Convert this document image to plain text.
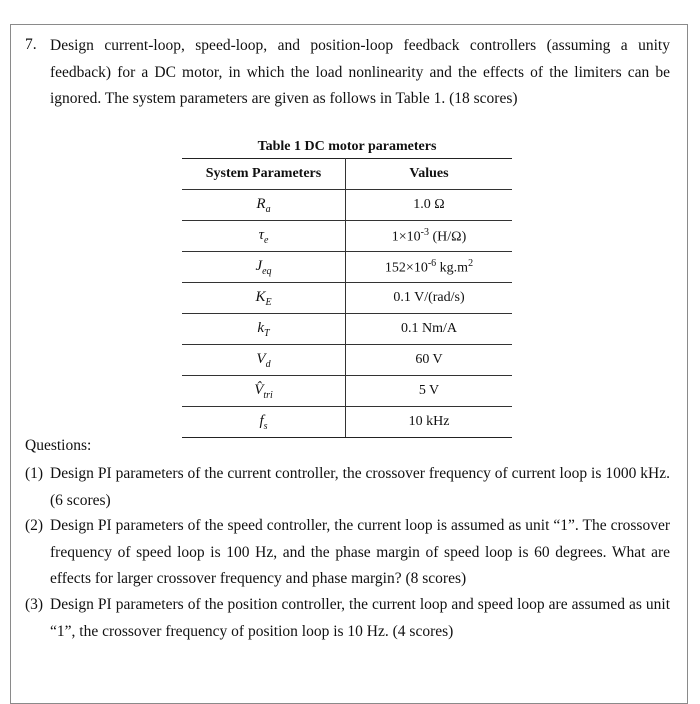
7. Design current-loop, speed-loop, and position-loop feedback controllers (assuming a unity feedback) for a DC motor, in which the load nonlinearity and the effects of the limiters can be ignored. The system parameters are given as follows in Table 1. (18 scores)

Table 1 DC motor parameters
System Parameters	Values
$R_a$	1.0 Ω
$\tau_e$	$1\times 10^{-3}$ (H/Ω)
$J_{eq}$	$152\times 10^{-6}$ $kg.m^2$
$K_E$	0.1 V/(rad/s)
$k_T$	0.1 Nm/A
$V_d$	60 V
$V̂_{tri}$	5 V
$f_s$	10 kHz
Questions:
(1) Design PI parameters of the current controller, the crossover frequency of current loop is 1000 kHz. (6 scores)
(2) Design PI parameters of the speed controller, the current loop is assumed as unit “1”. The crossover frequency of speed loop is 100 Hz, and the phase margin of speed loop is 60 degrees. What are effects for larger crossover frequency and phase margin? (8 scores)
(3) Design PI parameters of the position controller, the current loop and speed loop are assumed as unit “1”, the crossover frequency of position loop is 10 Hz. (4 scores)
